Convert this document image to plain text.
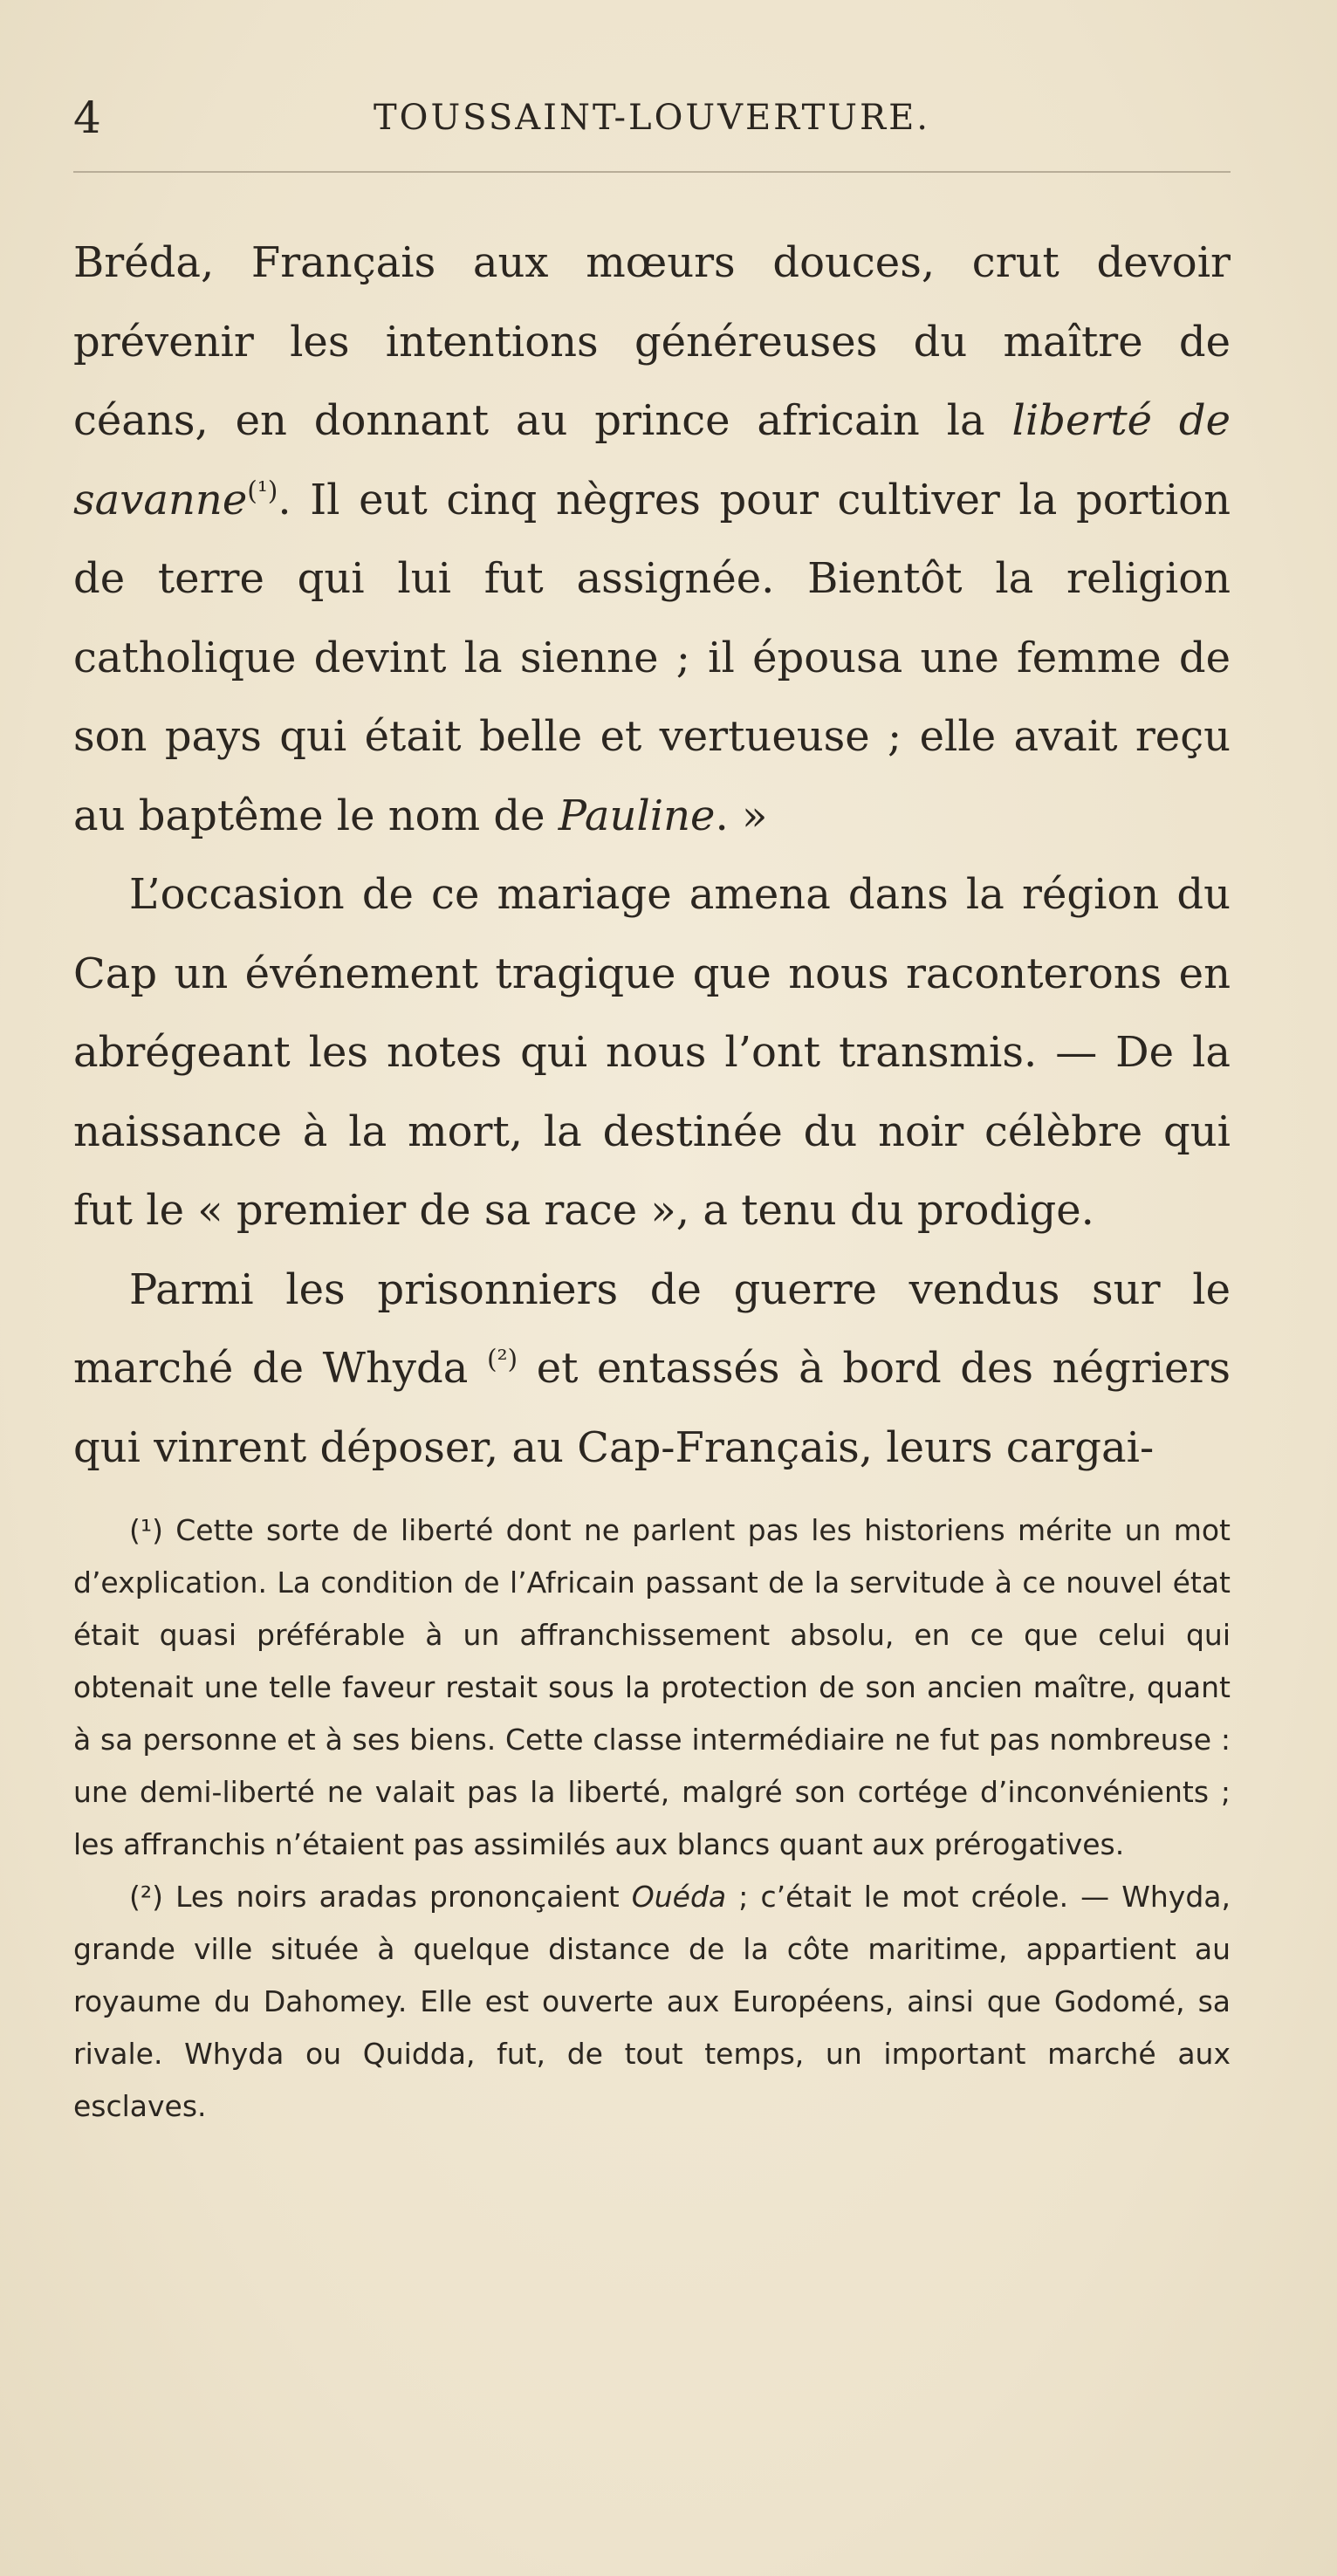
4	TOUSSAINT-LOUVERTURE.

Bréda, Français aux mœurs douces, crut devoir prévenir les intentions généreuses du maître de céans, en donnant au prince africain la liberté de savanne$^{(^1)}$. Il eut cinq nègres pour cultiver la portion de terre qui lui fut assignée. Bientôt la religion catholique devint la sienne ; il épousa une femme de son pays qui était belle et vertueuse ; elle avait reçu au baptême le nom de Pauline. »

L’occasion de ce mariage amena dans la région du Cap un événement tragique que nous raconterons en abrégeant les notes qui nous l’ont transmis. — De la naissance à la mort, la destinée du noir célèbre qui fut le « premier de sa race », a tenu du prodige.

Parmi les prisonniers de guerre vendus sur le marché de Whyda $^{(^2)}$ et entassés à bord des négriers qui vinrent déposer, au Cap-Français, leurs cargai-

(¹) Cette sorte de liberté dont ne parlent pas les historiens mérite un mot d’explication. La condition de l’Africain passant de la servitude à ce nouvel état était quasi préférable à un affranchissement absolu, en ce que celui qui obtenait une telle faveur restait sous la protection de son ancien maître, quant à sa personne et à ses biens. Cette classe intermédiaire ne fut pas nombreuse : une demi-liberté ne valait pas la liberté, malgré son cortége d’inconvénients ; les affranchis n’étaient pas assimilés aux blancs quant aux prérogatives.

(²) Les noirs aradas prononçaient Ouéda ; c’était le mot créole. — Whyda, grande ville située à quelque distance de la côte maritime, appartient au royaume du Dahomey. Elle est ouverte aux Européens, ainsi que Godomé, sa rivale. Whyda ou Quidda, fut, de tout temps, un important marché aux esclaves.
